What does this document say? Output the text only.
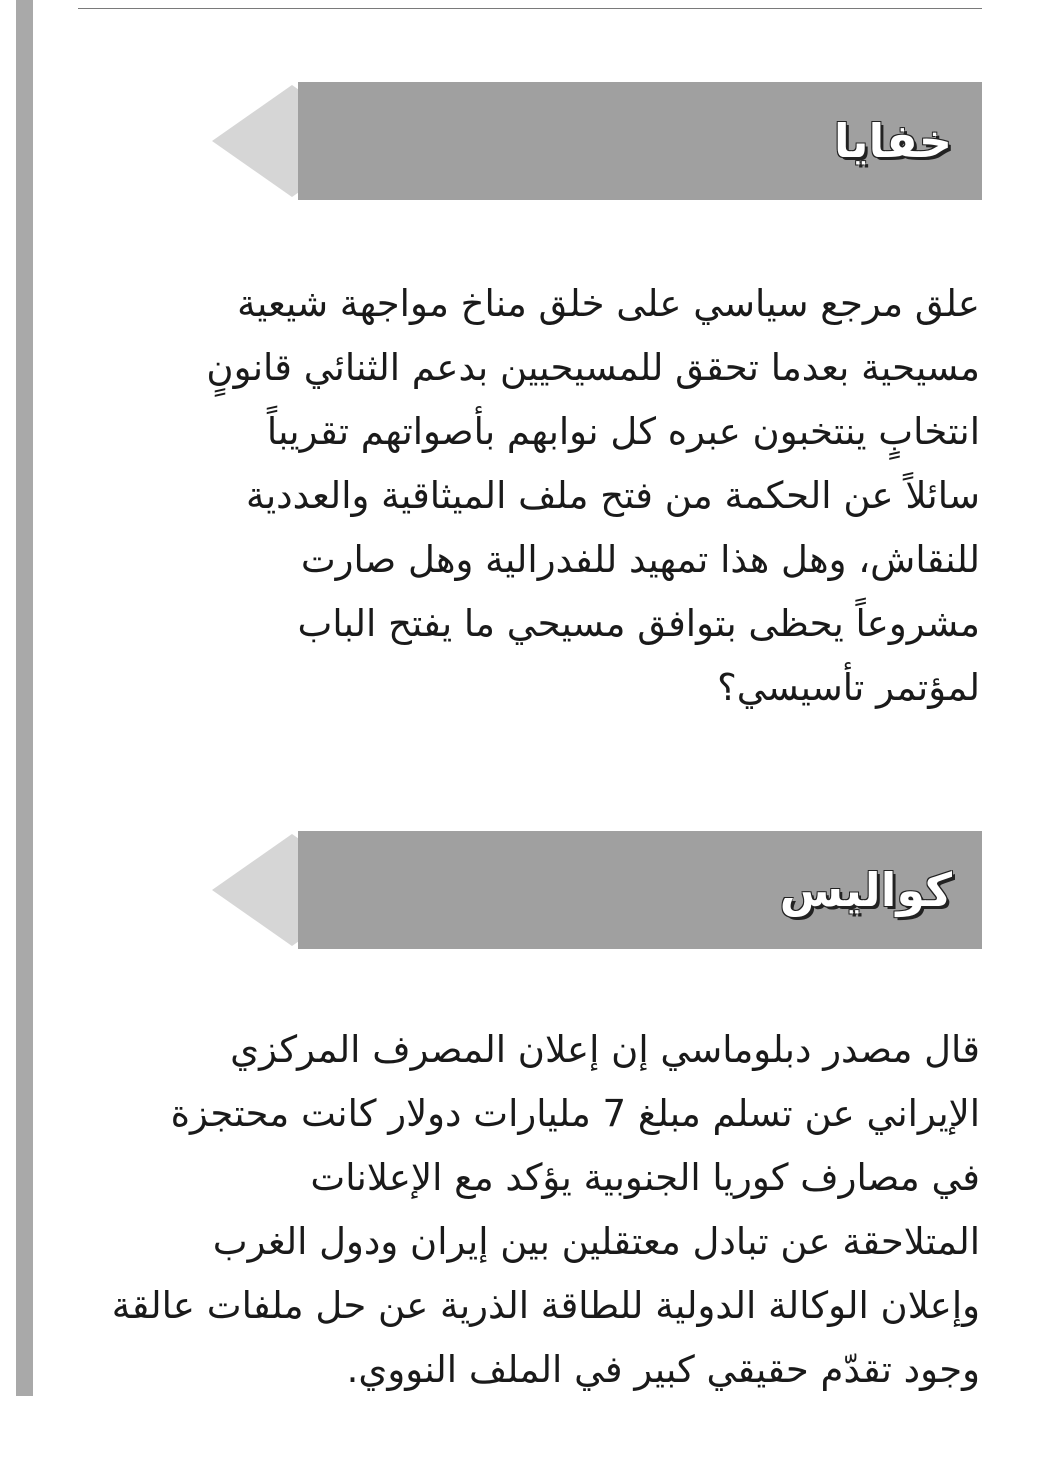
خفايا
علق مرجع سياسي على خلق مناخ مواجهة شيعية
مسيحية بعدما تحقق للمسيحيين بدعم الثنائي قانونٍ
انتخابٍ ينتخبون عبره كل نوابهم بأصواتهم تقريباً
سائلاً عن الحكمة من فتح ملف الميثاقية والعددية
للنقاش، وهل هذا تمهيد للفدرالية وهل صارت
مشروعاً يحظى بتوافق مسيحي ما يفتح الباب
لمؤتمر تأسيسي؟
كواليس
قال مصدر دبلوماسي إن إعلان المصرف المركزي
الإيراني عن تسلم مبلغ 7 مليارات دولار كانت محتجزة
في مصارف كوريا الجنوبية يؤكد مع الإعلانات
المتلاحقة عن تبادل معتقلين بين إيران ودول الغرب
وإعلان الوكالة الدولية للطاقة الذرية عن حل ملفات عالقة
وجود تقدّم حقيقي كبير في الملف النووي.
